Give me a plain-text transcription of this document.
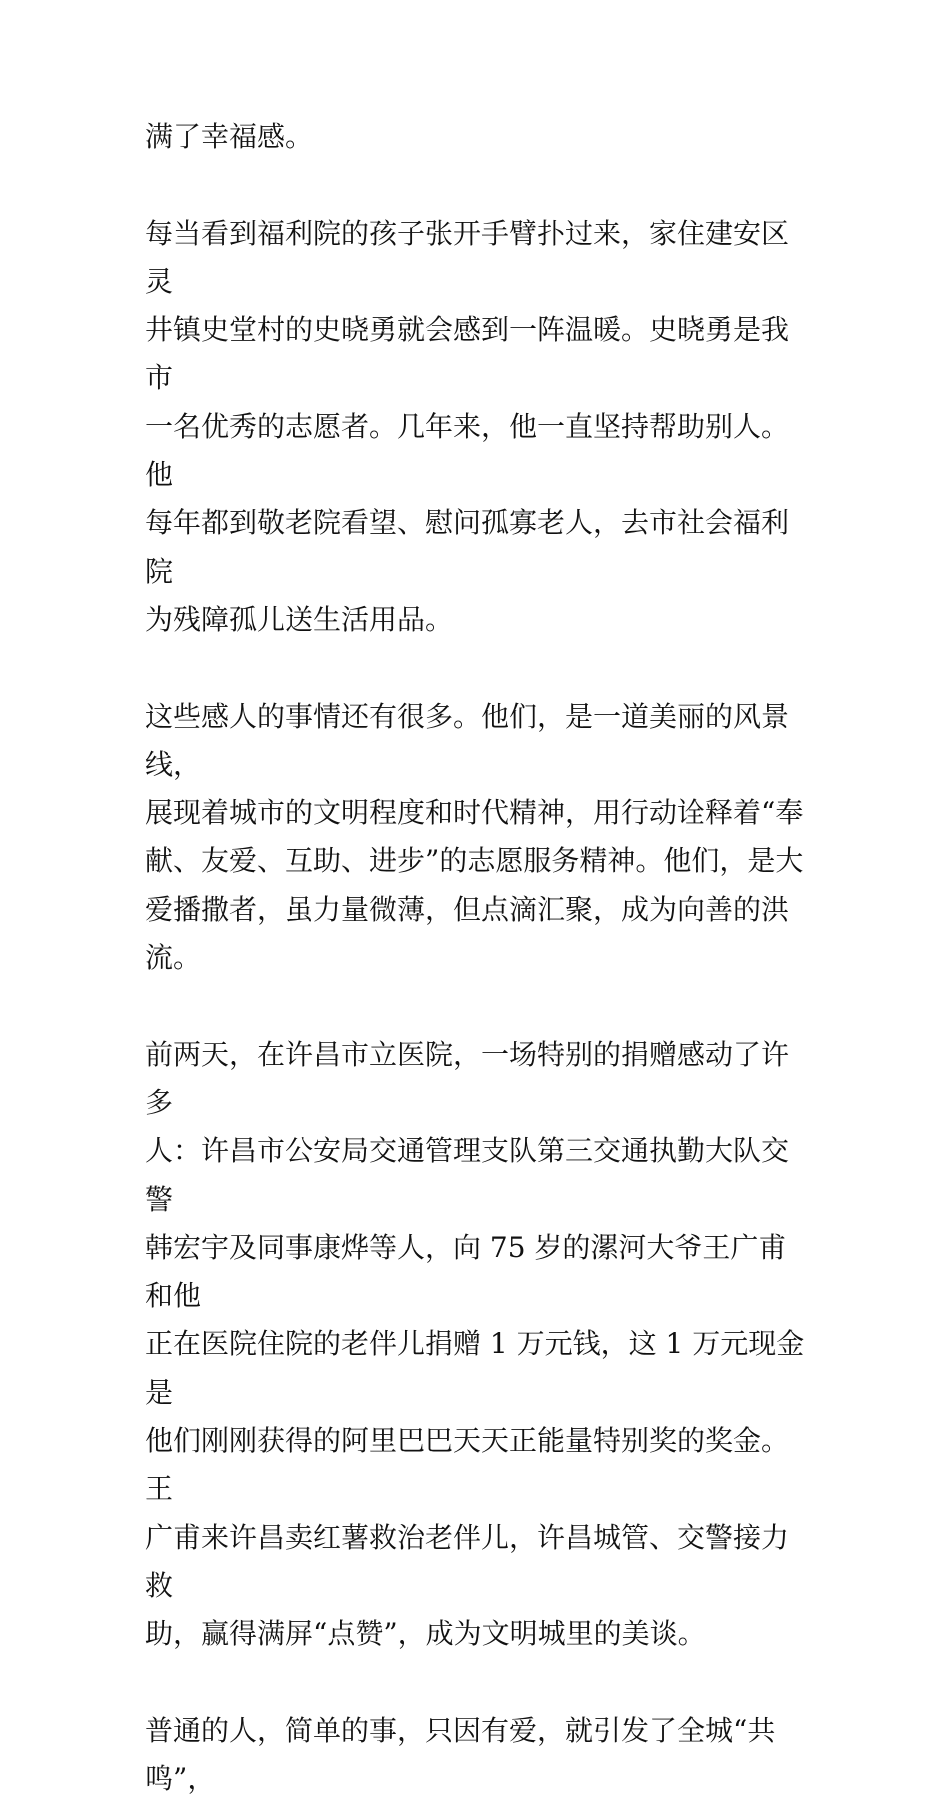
满了幸福感。

每当看到福利院的孩子张开手臂扑过来，家住建安区灵
井镇史堂村的史晓勇就会感到一阵温暖。史晓勇是我市
一名优秀的志愿者。几年来，他一直坚持帮助别人。他
每年都到敬老院看望、慰问孤寡老人，去市社会福利院
为残障孤儿送生活用品。

这些感人的事情还有很多。他们，是一道美丽的风景线，
展现着城市的文明程度和时代精神，用行动诠释着“奉
献、友爱、互助、进步”的志愿服务精神。他们，是大
爱播撒者，虽力量微薄，但点滴汇聚，成为向善的洪流。

前两天，在许昌市立医院，一场特别的捐赠感动了许多
人：许昌市公安局交通管理支队第三交通执勤大队交警
韩宏宇及同事康烨等人，向 75 岁的漯河大爷王广甫和他
正在医院住院的老伴儿捐赠 1 万元钱，这 1 万元现金是
他们刚刚获得的阿里巴巴天天正能量特别奖的奖金。王
广甫来许昌卖红薯救治老伴儿，许昌城管、交警接力救
助，赢得满屏“点赞”，成为文明城里的美谈。

普通的人，简单的事，只因有爱，就引发了全城“共鸣”，
